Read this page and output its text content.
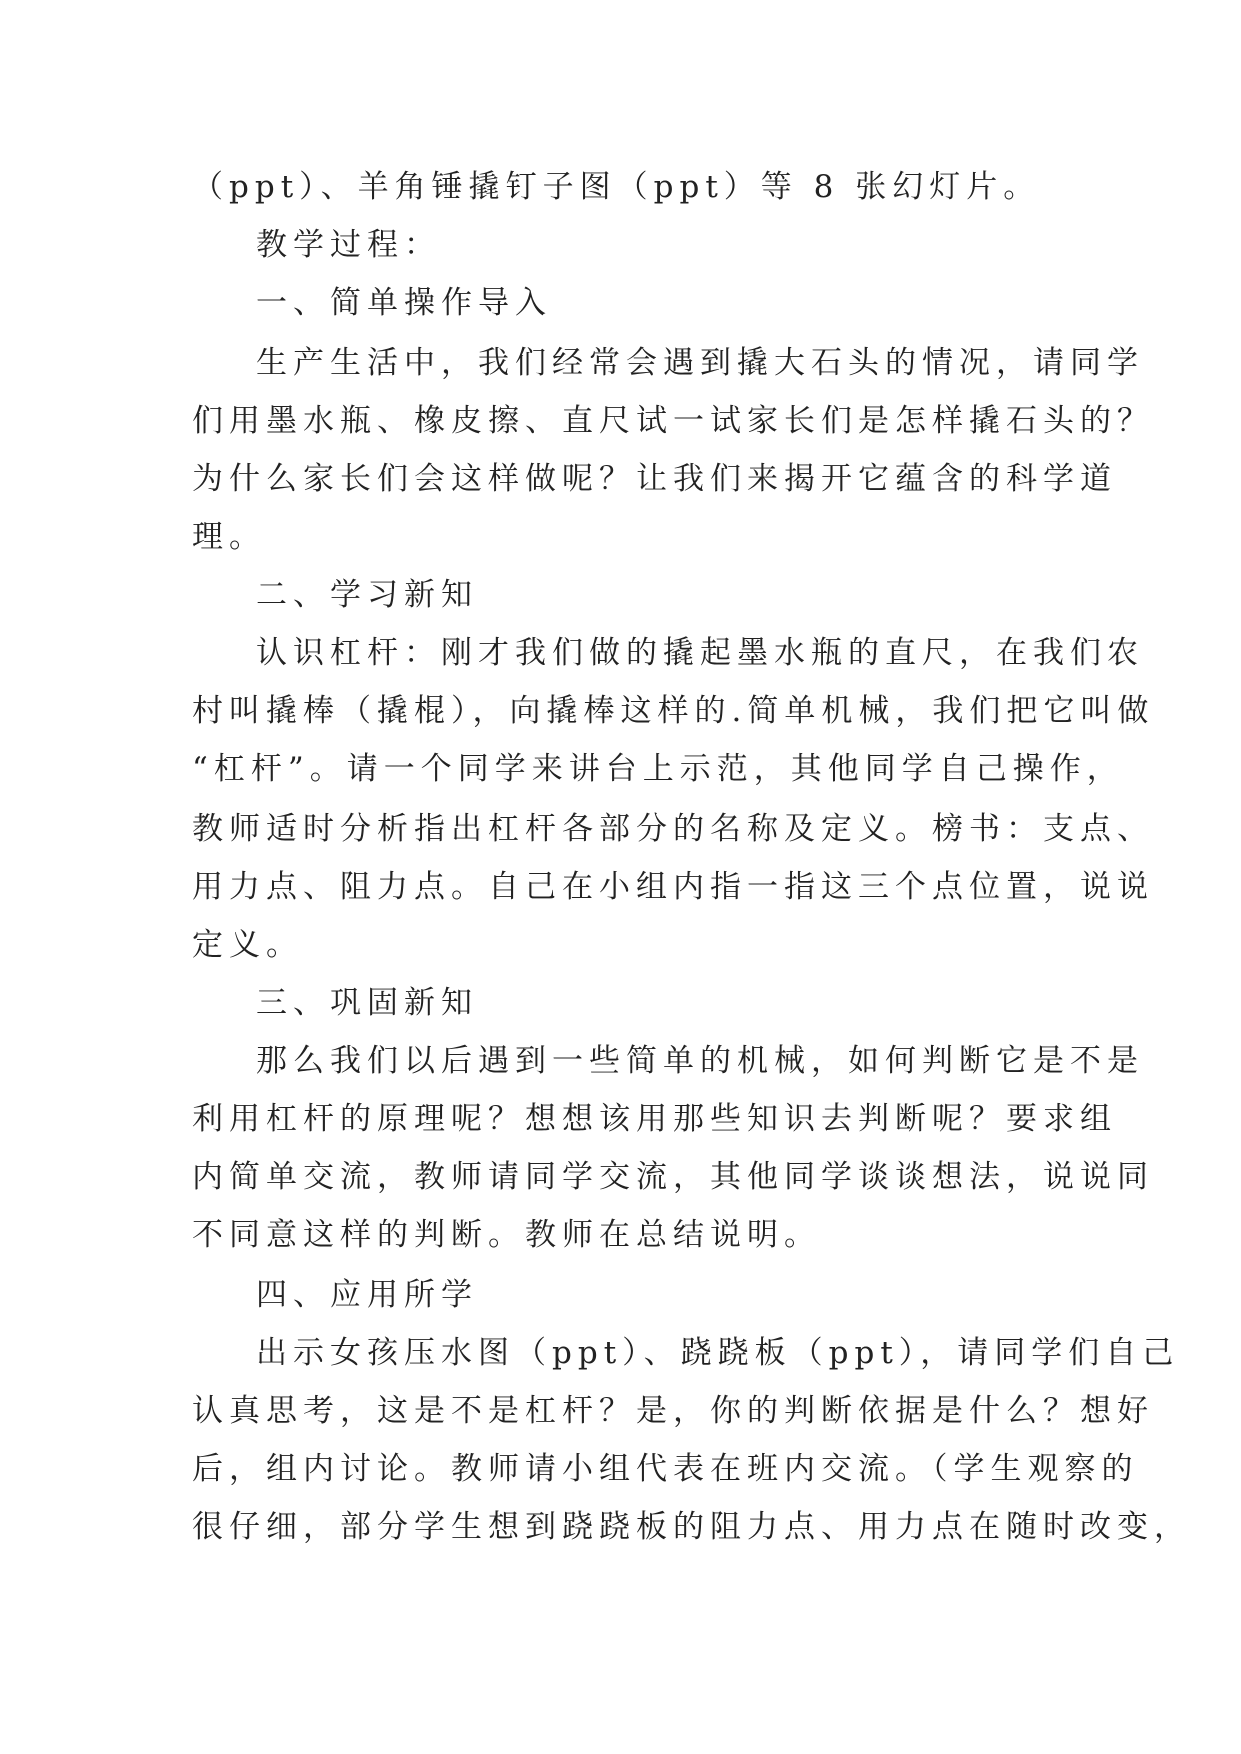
（ppt）、羊角锤撬钉子图（ppt）等 8 张幻灯片。
教学过程：
一、简单操作导入
生产生活中，我们经常会遇到撬大石头的情况，请同学
们用墨水瓶、橡皮擦、直尺试一试家长们是怎样撬石头的？
为什么家长们会这样做呢？让我们来揭开它蕴含的科学道
理。
二、学习新知
认识杠杆：刚才我们做的撬起墨水瓶的直尺，在我们农
村叫撬棒（撬棍），向撬棒这样的.简单机械，我们把它叫做
“杠杆”。请一个同学来讲台上示范，其他同学自己操作，
教师适时分析指出杠杆各部分的名称及定义。榜书：支点、
用力点、阻力点。自己在小组内指一指这三个点位置，说说
定义。
三、巩固新知
那么我们以后遇到一些简单的机械，如何判断它是不是
利用杠杆的原理呢？想想该用那些知识去判断呢？要求组
内简单交流，教师请同学交流，其他同学谈谈想法，说说同
不同意这样的判断。教师在总结说明。
四、应用所学
出示女孩压水图（ppt）、跷跷板（ppt），请同学们自己
认真思考，这是不是杠杆？是，你的判断依据是什么？想好
后，组内讨论。教师请小组代表在班内交流。（学生观察的
很仔细，部分学生想到跷跷板的阻力点、用力点在随时改变，
